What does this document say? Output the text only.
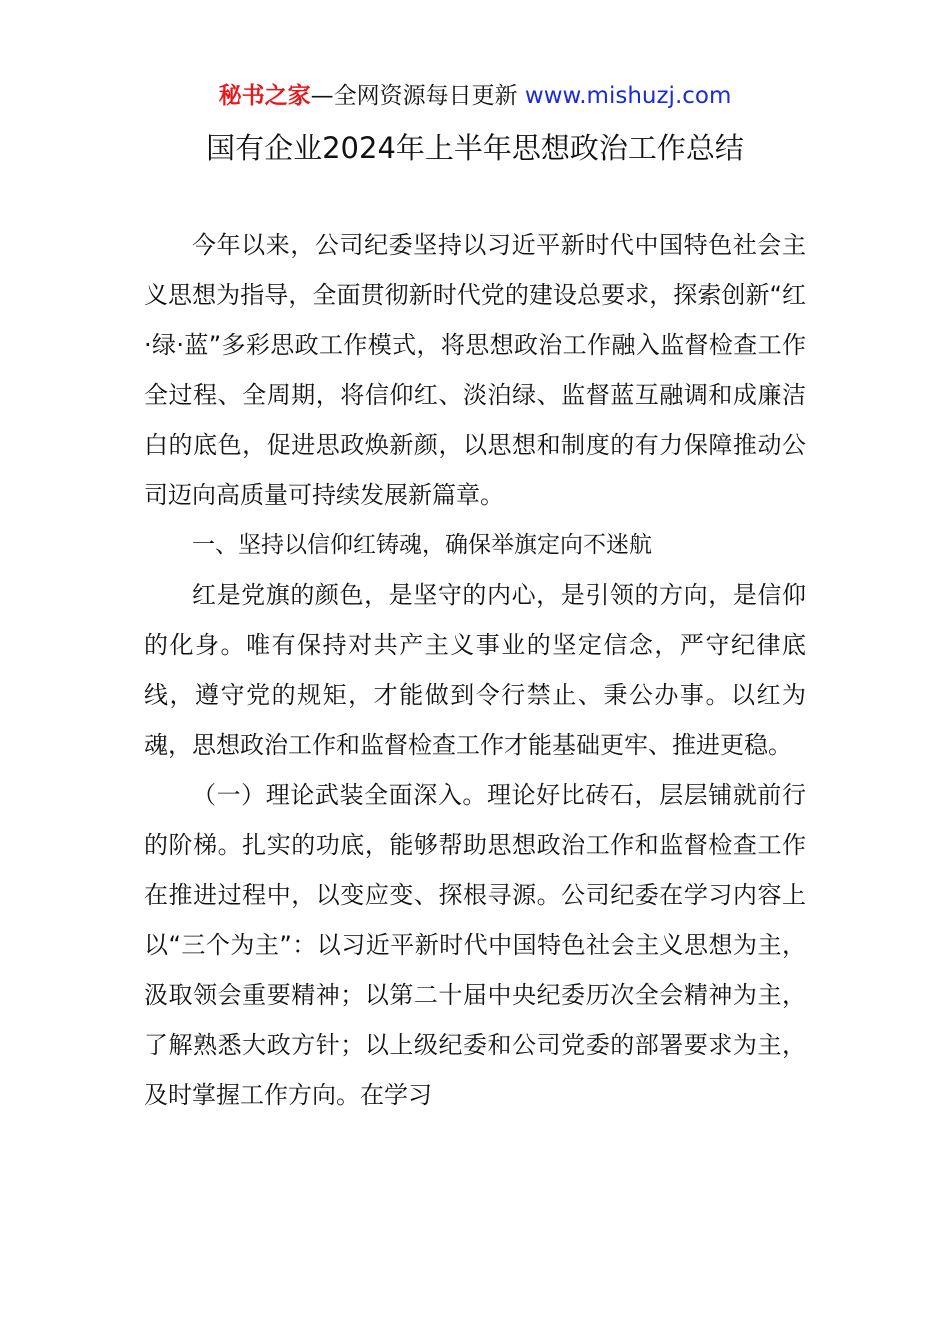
秘书之家—全网资源每日更新 www.mishuzj.com
国有企业2024年上半年思想政治工作总结

今年以来，公司纪委坚持以习近平新时代中国特色社会主义思想为指导，全面贯彻新时代党的建设总要求，探索创新“红·绿·蓝”多彩思政工作模式，将思想政治工作融入监督检查工作全过程、全周期，将信仰红、淡泊绿、监督蓝互融调和成廉洁白的底色，促进思政焕新颜，以思想和制度的有力保障推动公司迈向高质量可持续发展新篇章。

一、坚持以信仰红铸魂，确保举旗定向不迷航

红是党旗的颜色，是坚守的内心，是引领的方向，是信仰的化身。唯有保持对共产主义事业的坚定信念，严守纪律底线，遵守党的规矩，才能做到令行禁止、秉公办事。以红为魂，思想政治工作和监督检查工作才能基础更牢、推进更稳。

（一）理论武装全面深入。理论好比砖石，层层铺就前行的阶梯。扎实的功底，能够帮助思想政治工作和监督检查工作在推进过程中，以变应变、探根寻源。公司纪委在学习内容上以“三个为主”：以习近平新时代中国特色社会主义思想为主，汲取领会重要精神；以第二十届中央纪委历次全会精神为主，了解熟悉大政方针；以上级纪委和公司党委的部署要求为主，及时掌握工作方向。在学习
